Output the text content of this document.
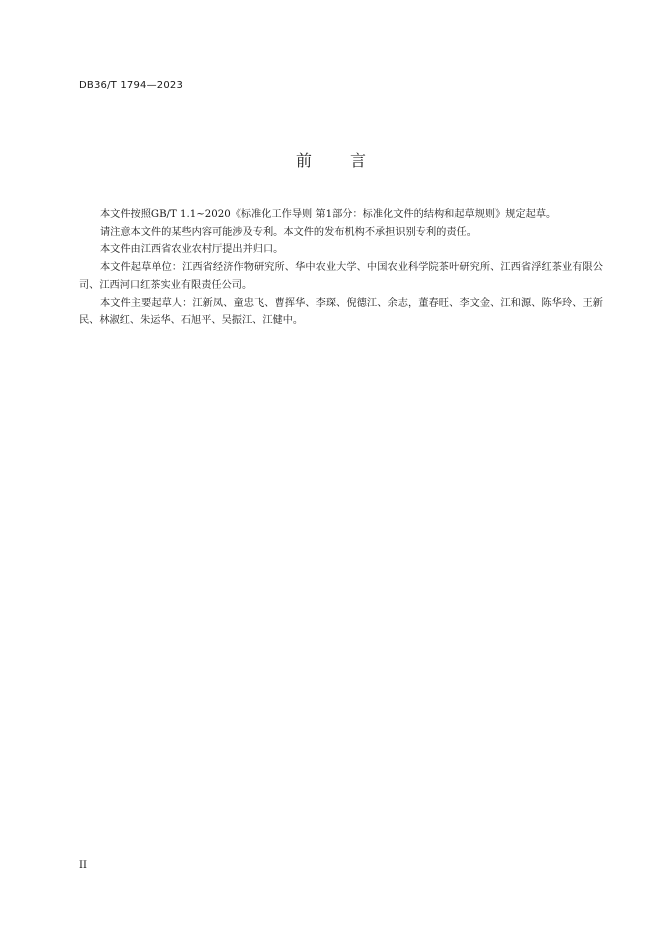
DB36/T 1794—2023
前 言

本文件按照GB/T 1.1~2020《标准化工作导则 第1部分：标准化文件的结构和起草规则》规定起草。

请注意本文件的某些内容可能涉及专利。本文件的发布机构不承担识别专利的责任。

本文件由江西省农业农村厅提出并归口。

本文件起草单位：江西省经济作物研究所、华中农业大学、中国农业科学院茶叶研究所、江西省浮红茶业有限公司、江西河口红茶实业有限责任公司。

本文件主要起草人：江新凤、童忠飞、曹挥华、李琛、倪德江、余志，董春旺、李文金、江和源、陈华玲、王新民、林淑红、朱运华、石旭平、吴振江、江健中。

II
